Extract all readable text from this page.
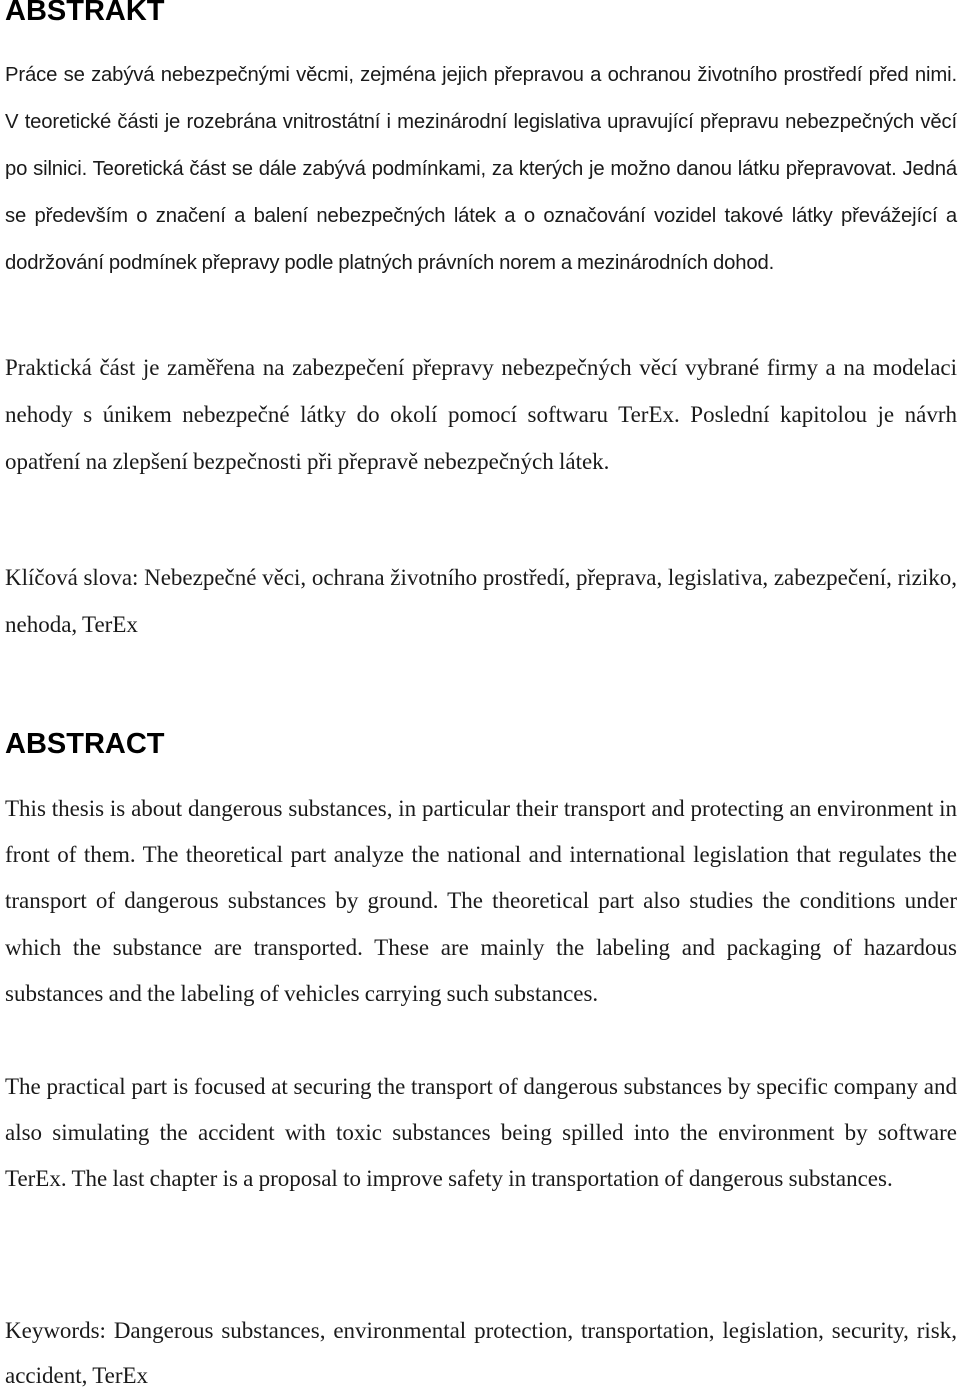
ABSTRAKT

Práce se zabývá nebezpečnými věcmi, zejména jejich přepravou a ochranou životního prostředí před nimi. V teoretické části je rozebrána vnitrostátní i mezinárodní legislativa upravující přepravu nebezpečných věcí po silnici. Teoretická část se dále zabývá podmínkami, za kterých je možno danou látku přepravovat. Jedná se především o značení a balení nebezpečných látek a o označování vozidel takové látky převážející a dodržování podmínek přepravy podle platných právních norem a mezinárodních dohod.

Praktická část je zaměřena na zabezpečení přepravy nebezpečných věcí vybrané firmy a na modelaci nehody s únikem nebezpečné látky do okolí pomocí softwaru TerEx. Poslední kapitolou je návrh opatření na zlepšení bezpečnosti při přepravě nebezpečných látek.

Klíčová slova: Nebezpečné věci, ochrana životního prostředí, přeprava, legislativa, zabezpečení, riziko, nehoda, TerEx

ABSTRACT

This thesis is about dangerous substances, in particular their transport and protecting an environment in front of them. The theoretical part analyze the national and international legislation that regulates the transport of dangerous substances by ground. The theoretical part also studies the conditions under which the substance are transported. These are mainly the labeling and packaging of hazardous substances and the labeling of vehicles carrying such substances.

The practical part is focused at securing the transport of dangerous substances by specific company and also simulating the accident with toxic substances being spilled into the environment by software TerEx. The last chapter is a proposal to improve safety in transportation of dangerous substances.

Keywords: Dangerous substances, environmental protection, transportation, legislation, security, risk, accident, TerEx
